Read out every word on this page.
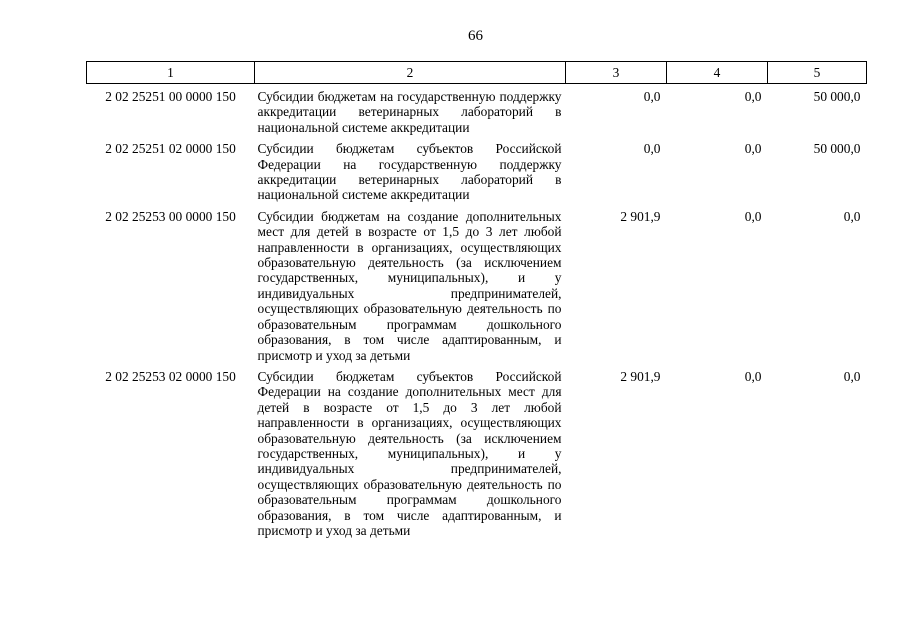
66
1	2	3	4	5
2 02 25251 00 0000 150	Субсидии бюджетам на государственную поддержку аккредитации ветеринарных лабораторий в национальной системе аккредитации	0,0	0,0	50 000,0
2 02 25251 02 0000 150	Субсидии бюджетам субъектов Российской Федерации на государственную поддержку аккредитации ветеринарных лабораторий в национальной системе аккредитации	0,0	0,0	50 000,0
2 02 25253 00 0000 150	Субсидии бюджетам на создание дополнительных мест для детей в возрасте от 1,5 до 3 лет любой направленности в организациях, осуществляющих образовательную деятельность (за исключением государственных, муниципальных), и у индивидуальных предпринимателей, осуществляющих образовательную деятельность по образовательным программам дошкольного образования, в том числе адаптированным, и присмотр и уход за детьми	2 901,9	0,0	0,0
2 02 25253 02 0000 150	Субсидии бюджетам субъектов Российской Федерации на создание дополнительных мест для детей в возрасте от 1,5 до 3 лет любой направленности в организациях, осуществляющих образовательную деятельность (за исключением государственных, муниципальных), и у индивидуальных предпринимателей, осуществляющих образовательную деятельность по образовательным программам дошкольного образования, в том числе адаптированным, и присмотр и уход за детьми	2 901,9	0,0	0,0
